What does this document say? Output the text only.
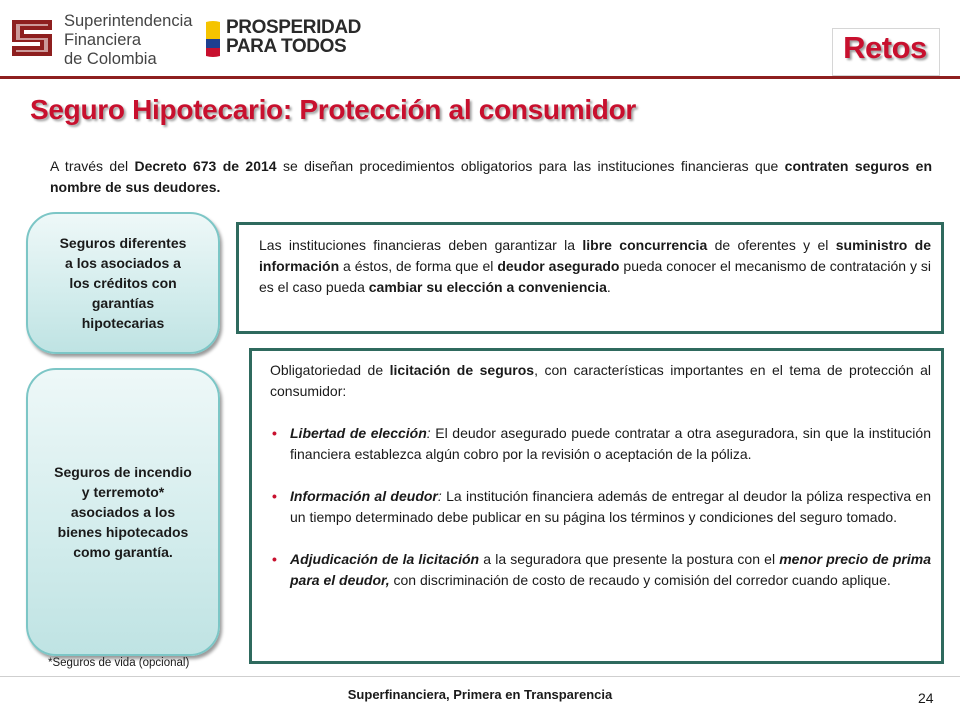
Superintendencia
Financiera
de Colombia
PROSPERIDAD
PARA TODOS	Retos
Seguro Hipotecario: Protección al consumidor
A través del Decreto 673 de 2014 se diseñan procedimientos obligatorios para las instituciones financieras que contraten seguros en nombre de sus deudores.
Seguros diferentes a los asociados a los créditos con garantías hipotecarias
Seguros de incendio y terremoto* asociados a los bienes hipotecados como garantía.
*Seguros de vida (opcional)
Las instituciones financieras deben garantizar la libre concurrencia de oferentes y el suministro de información a éstos, de forma que el deudor asegurado pueda conocer el mecanismo de contratación y si es el caso pueda cambiar su elección a conveniencia.
Obligatoriedad de licitación de seguros, con características importantes en el tema de protección al consumidor:
• Libertad de elección: El deudor asegurado puede contratar a otra aseguradora, sin que la institución financiera establezca algún cobro por la revisión o aceptación de la póliza.
• Información al deudor: La institución financiera además de entregar al deudor la póliza respectiva en un tiempo determinado debe publicar en su página los términos y condiciones del seguro tomado.
• Adjudicación de la licitación a la seguradora que presente la postura con el menor precio de prima para el deudor, con discriminación de costo de recaudo y comisión del corredor cuando aplique.
Superfinanciera, Primera en Transparencia	24
